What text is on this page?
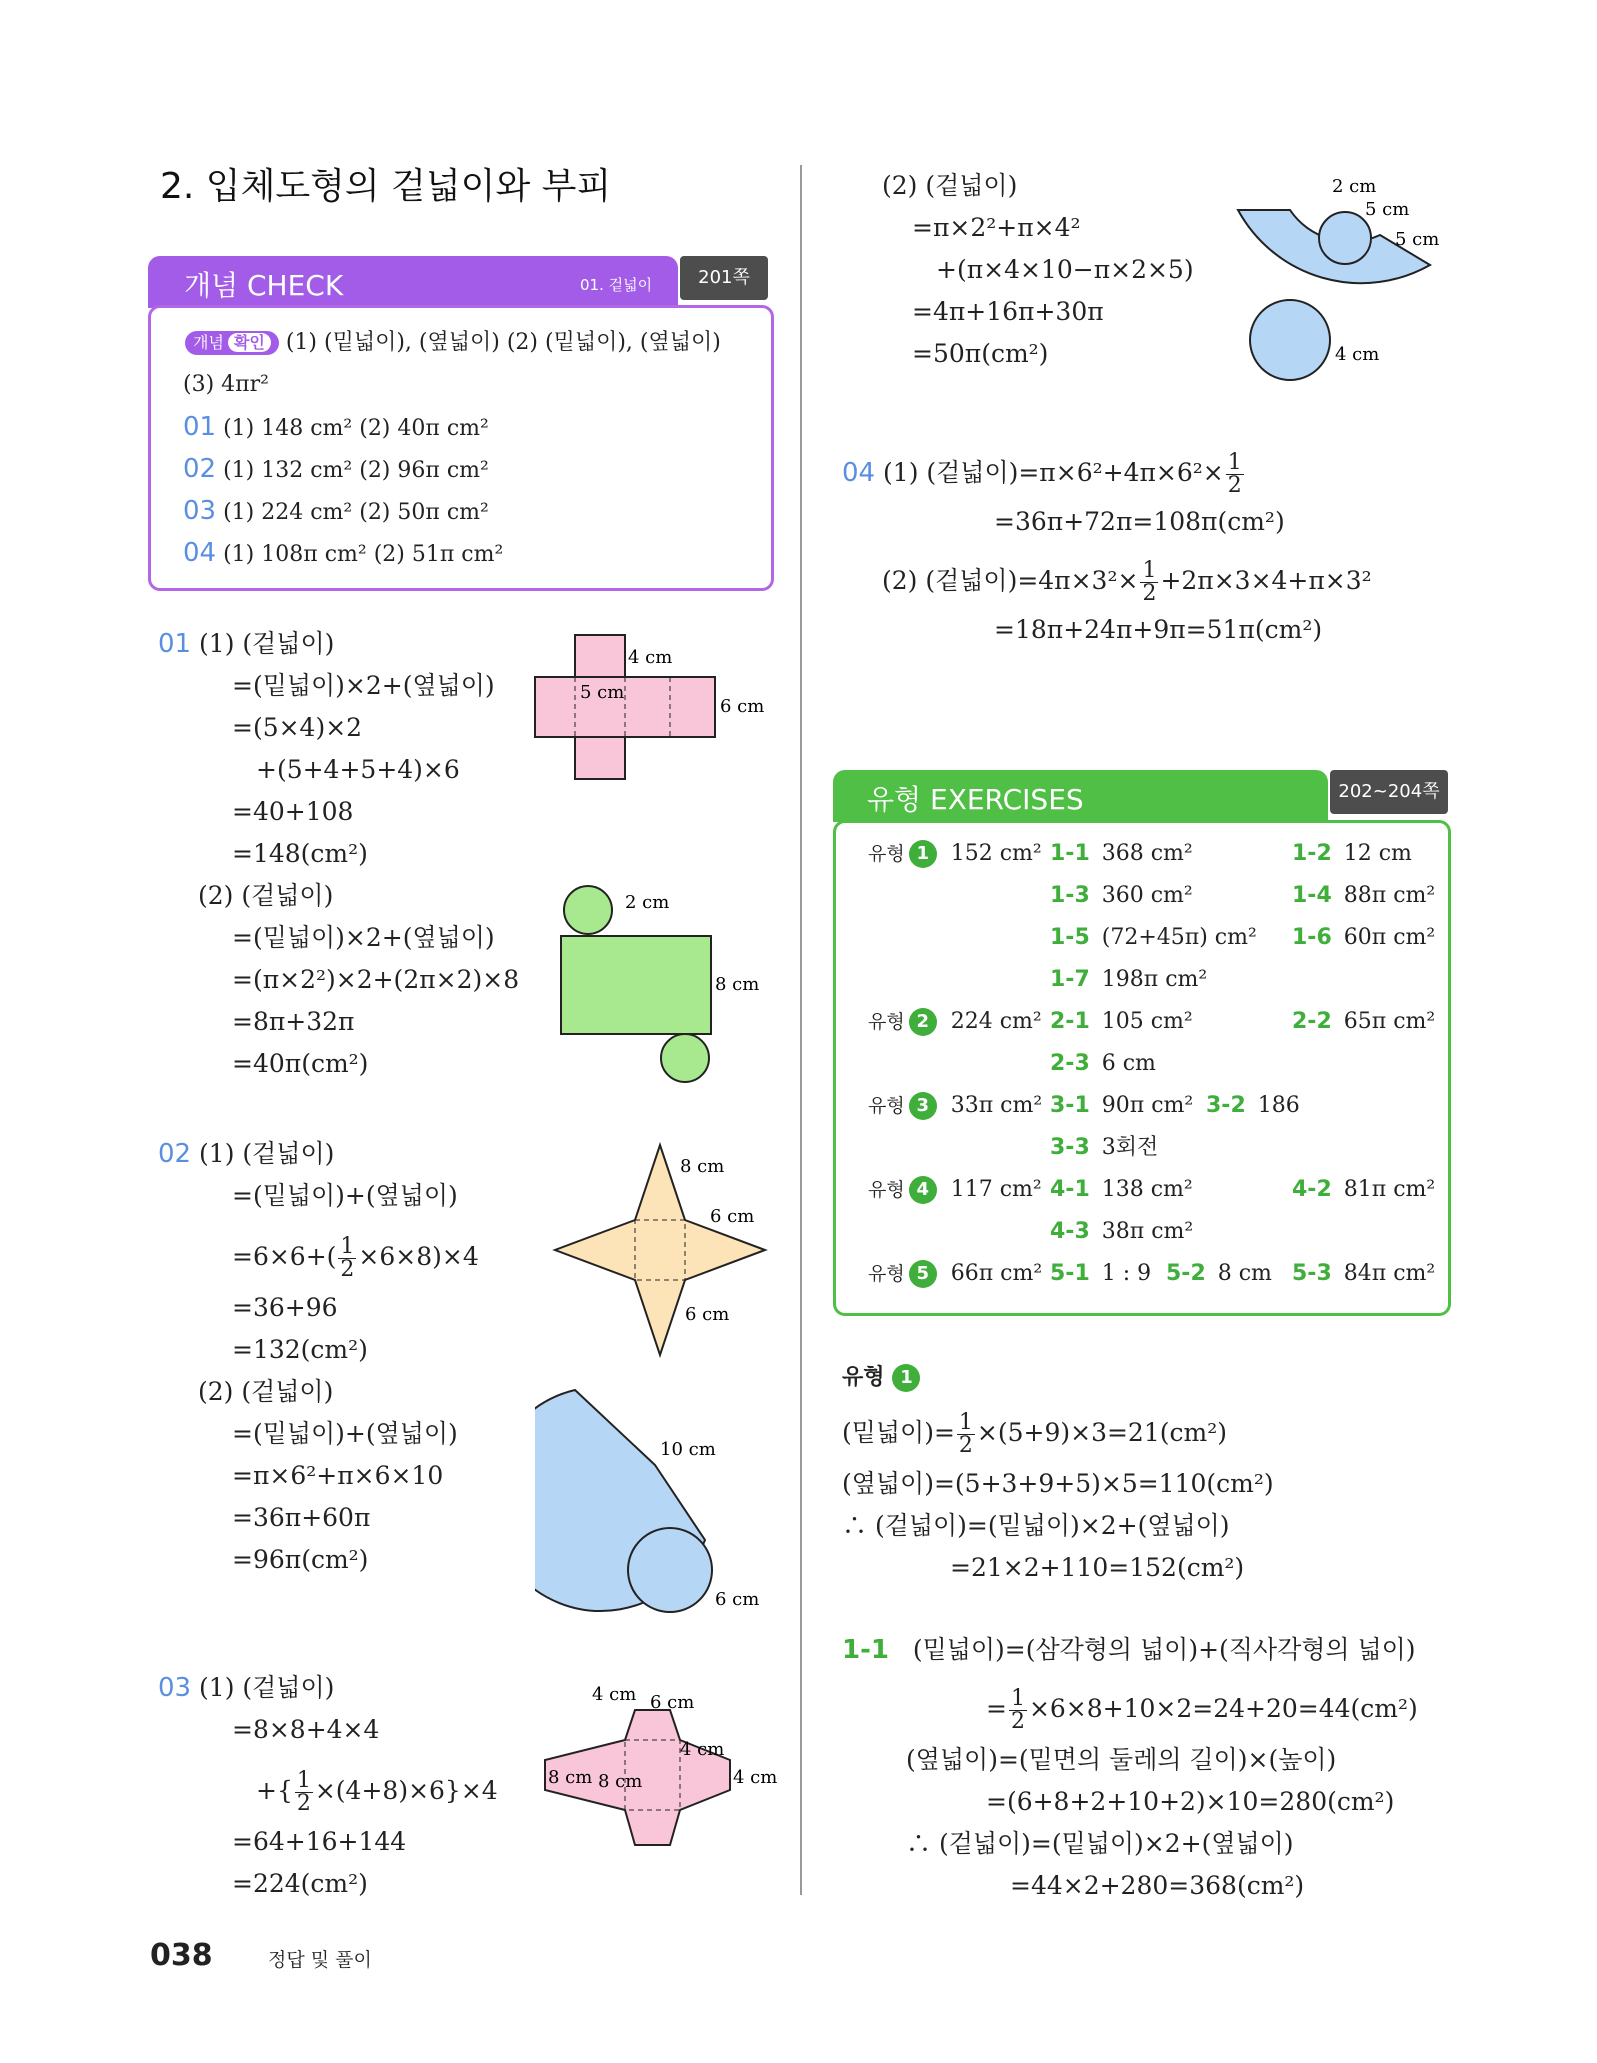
2. 입체도형의 겉넓이와 부피
개념 CHECK	01. 겉넓이	201쪽
개념 확인 (1) (밑넓이), (옆넓이) (2) (밑넓이), (옆넓이)
(3) 4πr²
01 (1) 148 cm² (2) 40π cm²
02 (1) 132 cm² (2) 96π cm²
03 (1) 224 cm² (2) 50π cm²
04 (1) 108π cm² (2) 51π cm²
01 (1) (겉넓이)
=(밑넓이)×2+(옆넓이)
=(5×4)×2
+(5+4+5+4)×6
=40+108
=148(cm²)
(2) (겉넓이)
=(밑넓이)×2+(옆넓이)
=(π×2²)×2+(2π×2)×8
=8π+32π
=40π(cm²)
4 cm
5 cm
6 cm
2 cm
8 cm
02 (1) (겉넓이)
=(밑넓이)+(옆넓이)
$=6\times 6+( \frac{1}{2} \times 6\times 8)\times 4$
=36+96
=132(cm²)
(2) (겉넓이)
=(밑넓이)+(옆넓이)
=π×6²+π×6×10
=36π+60π
=96π(cm²)
8 cm
6 cm
6 cm
10 cm
6 cm
03 (1) (겉넓이)
=8×8+4×4
+{ $\frac{1}{2} \times(4+8)\times 6\}\times 4$
=64+16+144
=224(cm²)
4 cm 6 cm
8 cm
8 cm
4 cm
4 cm
(2) (겉넓이)
=π×2²+π×4²
+(π×4×10−π×2×5)
=4π+16π+30π
=50π(cm²)
2 cm
5 cm
5 cm
4 cm
04 (1) (겉넓이)$=\pi\times 6^2+4\pi\times 6^2\times \frac{1}{2}$
=36π+72π=108π(cm²)
(2) (겉넓이)$=4\pi\times 3^2\times \frac{1}{2} +2\pi\times 3\times 4+\pi\times 3^2$
=18π+24π+9π=51π(cm²)
유형 EXERCISES	202~204쪽
유형 1 152 cm² 1-1 368 cm²	1-2 12 cm
1-3 360 cm²	1-4 88π cm²
1-5 (72+45π) cm² 1-6 60π cm²
1-7 198π cm²
유형 2 224 cm² 2-1 105 cm²	2-2 65π cm²
2-3 6 cm
유형 3 33π cm² 3-1 90π cm² 3-2 186
3-3 3회전
유형 4 117 cm² 4-1 138 cm²	4-2 81π cm²
4-3 38π cm²
유형 5 66π cm² 5-1 1 : 9 5-2 8 cm 5-3 84π cm²
유형 1
(밑넓이)= $\frac{1}{2} \times(5+9)\times 3=21(cm^2)$
(옆넓이)=(5+3+9+5)×5=110(cm²)
∴ (겉넓이)=(밑넓이)×2+(옆넓이)
=21×2+110=152(cm²)
1-1 (밑넓이)=(삼각형의 넓이)+(직사각형의 넓이)
= $\frac{1}{2} \times 6\times 8+10\times 2=24+20=44(cm^2)$
(옆넓이)=(밑면의 둘레의 길이)×(높이)
=(6+8+2+10+2)×10=280(cm²)
∴ (겉넓이)=(밑넓이)×2+(옆넓이)
=44×2+280=368(cm²)
038	정답 및 풀이
